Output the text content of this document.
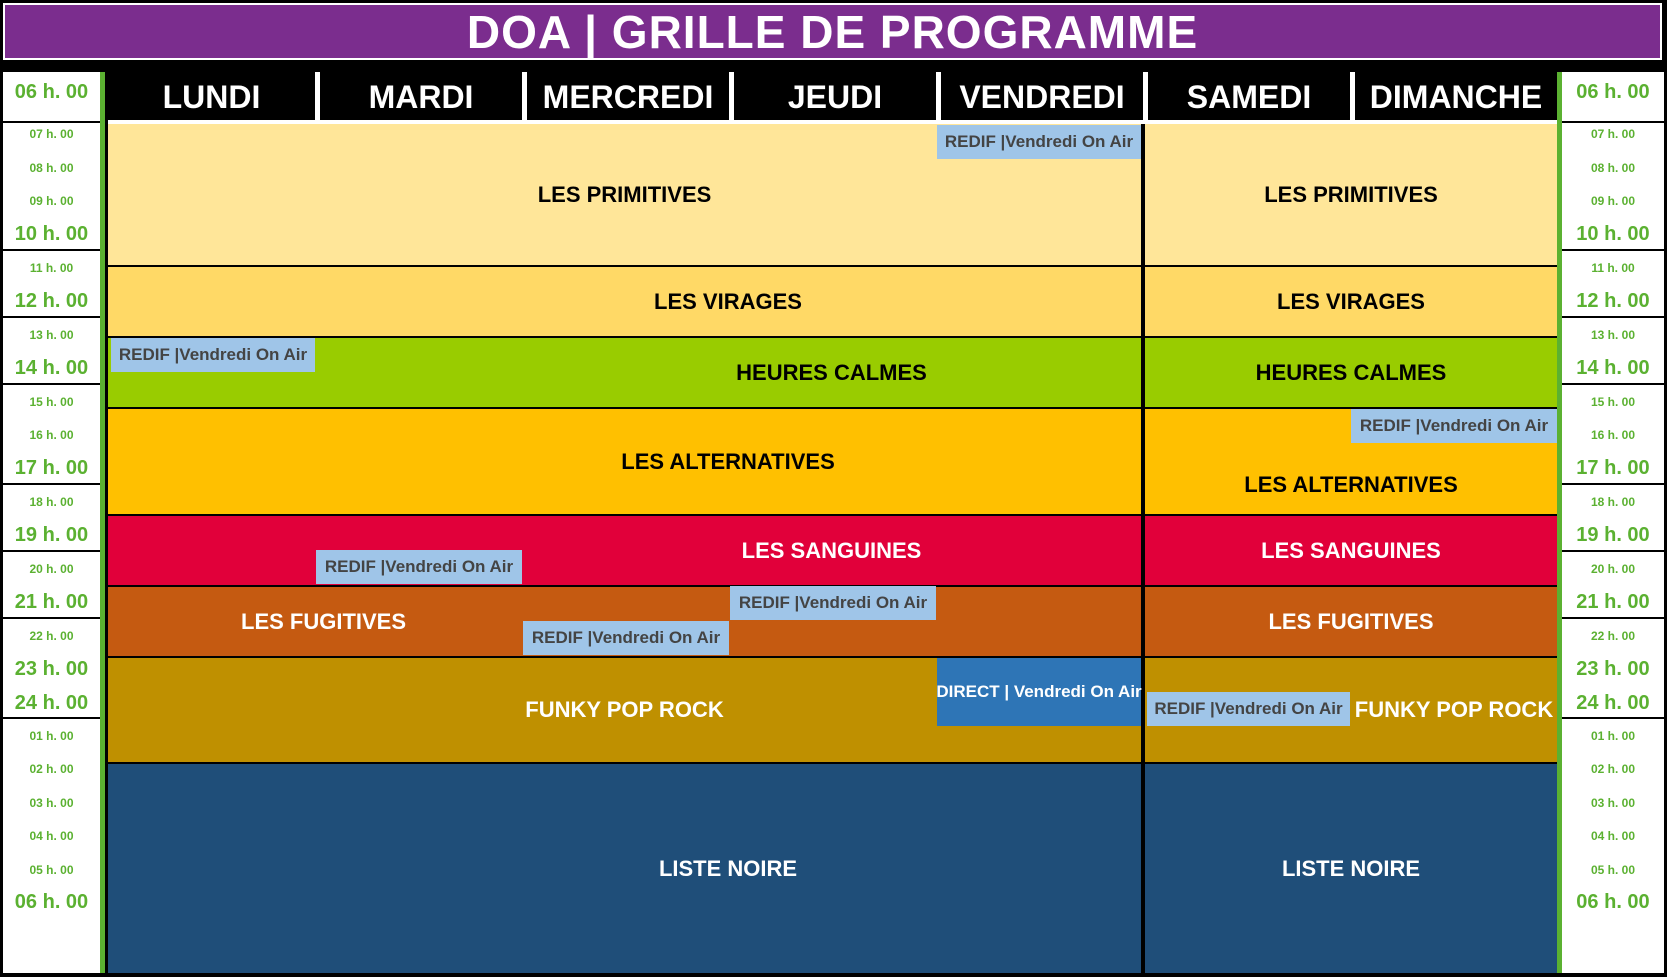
DOA | GRILLE DE PROGRAMME
06 h. 00
07 h. 00
08 h. 00
09 h. 00
10 h. 00
11 h. 00
12 h. 00
13 h. 00
14 h. 00
15 h. 00
16 h. 00
17 h. 00
18 h. 00
19 h. 00
20 h. 00
21 h. 00
22 h. 00
23 h. 00
24 h. 00
01 h. 00
02 h. 00
03 h. 00
04 h. 00
05 h. 00
06 h. 00
06 h. 00
07 h. 00
08 h. 00
09 h. 00
10 h. 00
11 h. 00
12 h. 00
13 h. 00
14 h. 00
15 h. 00
16 h. 00
17 h. 00
18 h. 00
19 h. 00
20 h. 00
21 h. 00
22 h. 00
23 h. 00
24 h. 00
01 h. 00
02 h. 00
03 h. 00
04 h. 00
05 h. 00
06 h. 00
LUNDI	MARDI MERCREDI JEUDI VENDREDI SAMEDI DIMANCHE
LES PRIMITIVES
LES VIRAGES
HEURES CALMES
LES ALTERNATIVES
LES SANGUINES
LES FUGITIVES
FUNKY POP ROCK
LISTE NOIRE
LES PRIMITIVES
LES VIRAGES
HEURES CALMES
LES ALTERNATIVES
LES SANGUINES
LES FUGITIVES
FUNKY POP ROCK
LISTE NOIRE
REDIF |Vendredi On Air
REDIF |Vendredi On Air
REDIF |Vendredi On Air
REDIF |Vendredi On Air
REDIF |Vendredi On Air
REDIF |Vendredi On Air
DIRECT | Vendredi On Air
REDIF |Vendredi On Air
